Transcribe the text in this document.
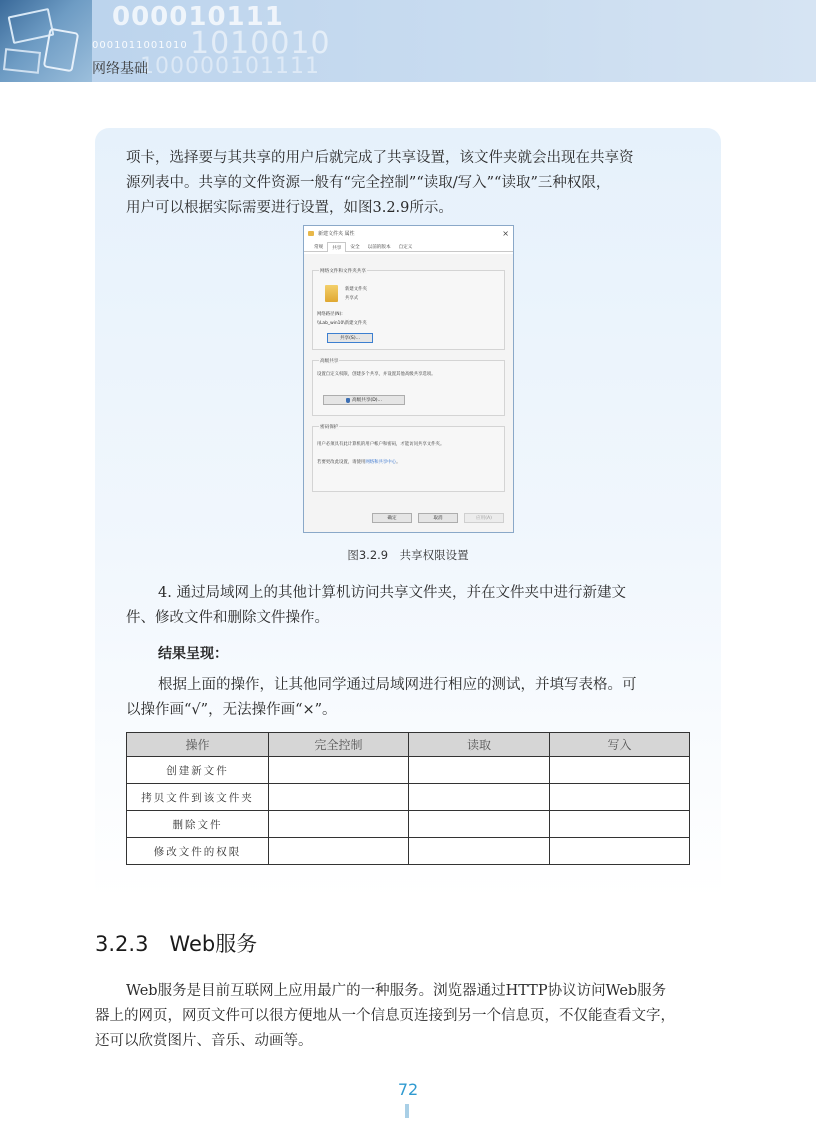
000010111
0001011001010 1010010
100000101111
网络基础
项卡，选择要与其共享的用户后就完成了共享设置，该文件夹就会出现在共享资
源列表中。共享的文件资源一般有“完全控制”“读取/写入”“读取”三种权限，
用户可以根据实际需要进行设置，如图3.2.9所示。
新建文件夹 属性	×
常规	共享	安全	以前的版本	自定义
网络文件和文件夹共享
新建文件夹
共享式
网络路径(N):
\\Lab_win10\新建文件夹
共享(S)...
高级共享
设置自定义权限，创建多个共享，并设置其他高级共享选项。
高级共享(D)...
密码保护
用户必须具有此计算机的用户帐户和密码，才能访问共享文件夹。
若要更改此设置，请使用网络和共享中心。
确定	取消	应用(A)
图3.2.9　共享权限设置
4. 通过局域网上的其他计算机访问共享文件夹，并在文件夹中进行新建文
件、修改文件和删除文件操作。
结果呈现：
根据上面的操作，让其他同学通过局域网进行相应的测试，并填写表格。可
以操作画“√”，无法操作画“×”。
操作	完全控制	读取	写入
创建新文件			
拷贝文件到该文件夹			
删除文件			
修改文件的权限			
3.2.3　Web服务
Web服务是目前互联网上应用最广的一种服务。浏览器通过HTTP协议访问Web服务
器上的网页，网页文件可以很方便地从一个信息页连接到另一个信息页，不仅能查看文字，
还可以欣赏图片、音乐、动画等。
72
